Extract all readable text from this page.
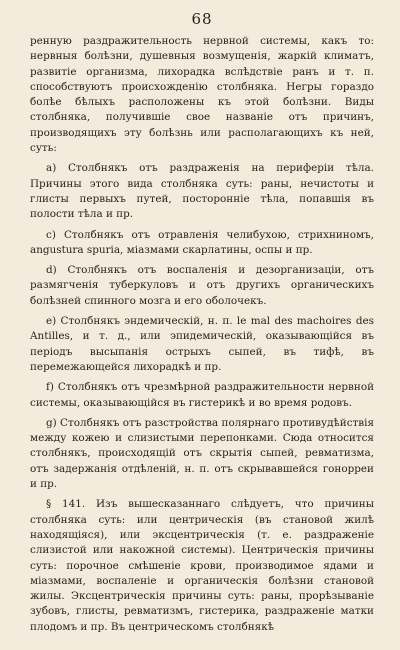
68

ренную раздражительность нервной системы, какъ то: нервныя болѣзни, душевныя возмущенія, жаркій климатъ, развитіе организма, лихорадка вслѣдствіе ранъ и т. п. способствуютъ происхожденію столбняка. Негры гораздо болѣе бѣлыхъ расположены къ этой болѣзни. Виды столбняка, получившіе свое названіе отъ причинъ, производящихъ эту болѣзнь или располагающихъ къ ней, суть:

a) Столбнякъ отъ раздраженія на периферіи тѣла. Причины этого вида столбняка суть: раны, нечистоты и глисты первыхъ путей, посторонніе тѣла, попавшія въ полости тѣла и пр.

c) Столбнякъ отъ отравленія челибухою, стрихниномъ, angustura spuria, міазмами скарлатины, оспы и пр.

d) Столбнякъ отъ воспаленія и дезорганизаціи, отъ размягченія туберкуловъ и отъ другихъ органическихъ болѣзней спинного мозга и его оболочекъ.

e) Столбнякъ эндемическій, н. п. le mal des machoires des Antilles, и т. д., или эпидемическій, оказывающійся въ періодъ высыпанія острыхъ сыпей, въ тифѣ, въ перемежающейся лихорадкѣ и пр.

f) Столбнякъ отъ чрезмѣрной раздражительности нервной системы, оказывающійся въ гистерикѣ и во время родовъ.

g) Столбнякъ отъ разстройства полярнаго противудѣйствія между кожею и слизистыми перепонками. Сюда относится столбнякъ, происходящій отъ скрытія сыпей, ревматизма, отъ задержанія отдѣленій, н. п. отъ скрывавшейся гонорреи и пр.

§ 141. Изъ вышесказаннаго слѣдуетъ, что причины столбняка суть: или центрическія (въ становой жилѣ находящіяся), или эксцентрическія (т. е. раздраженіе слизистой или накожной системы). Центрическія причины суть: порочное смѣшеніе крови, производимое ядами и міазмами, воспаленіе и органическія болѣзни становой жилы. Эксцентрическія причины суть: раны, прорѣзываніе зубовъ, глисты, ревматизмъ, гистерика, раздраженіе матки плодомъ и пр. Въ центрическомъ столбнякѣ
